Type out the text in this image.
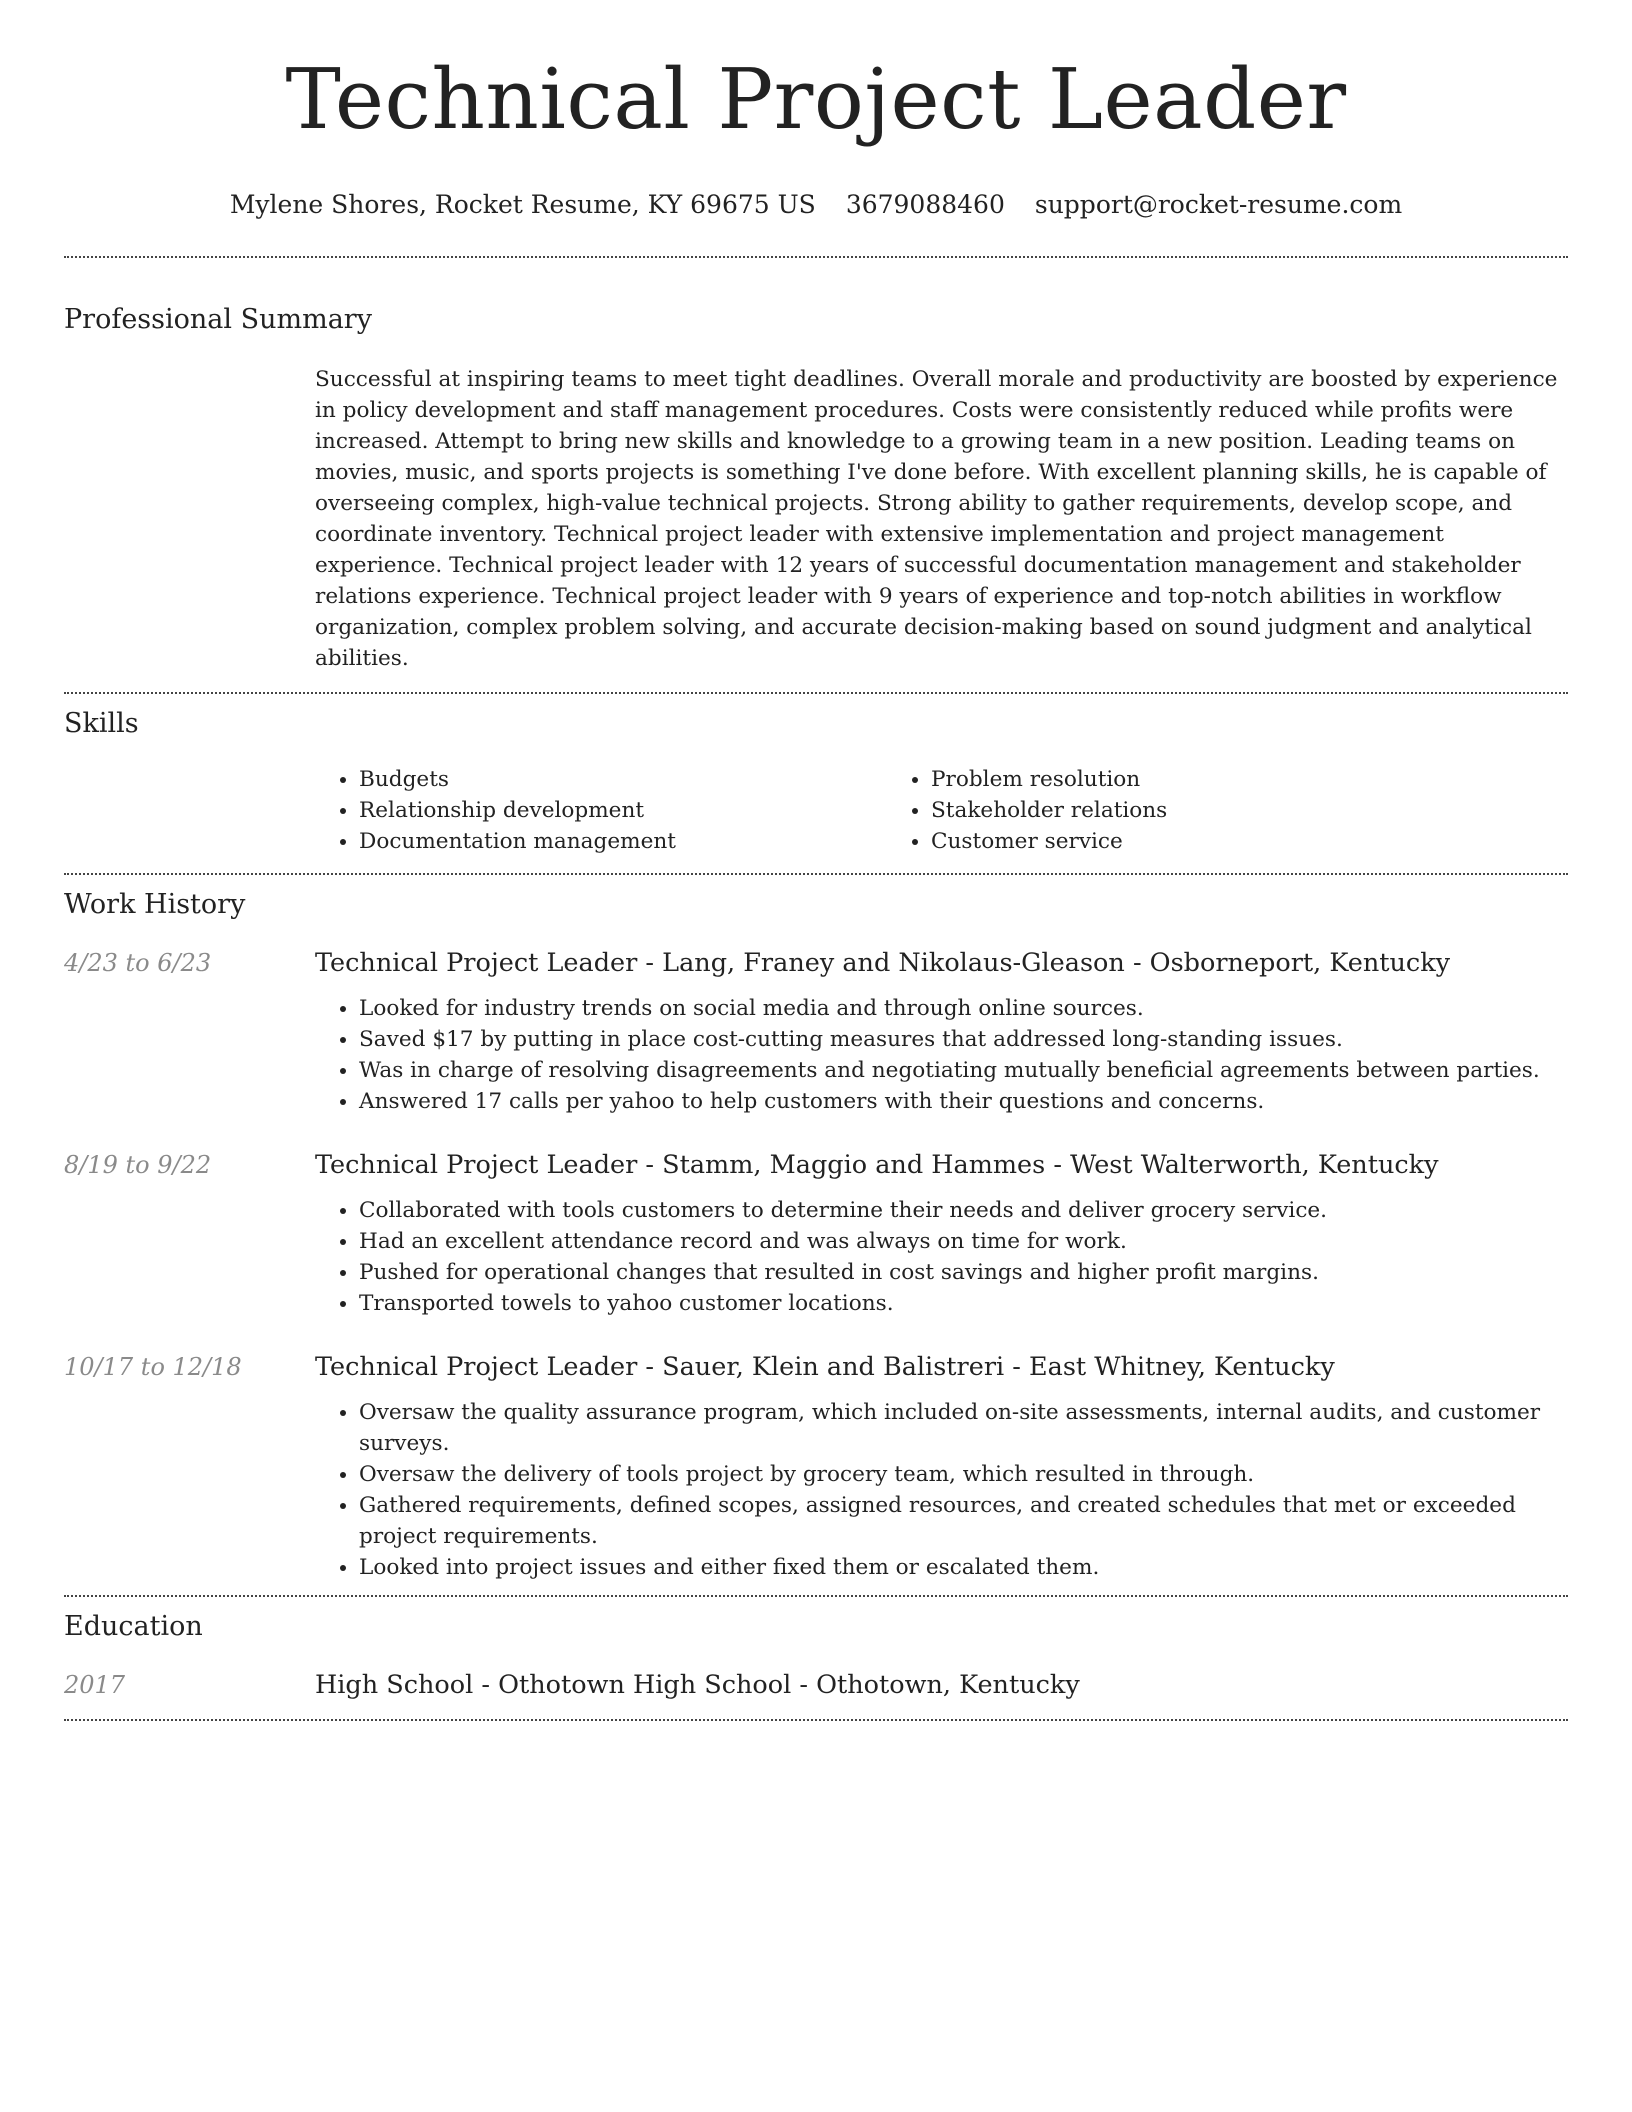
Technical Project Leader
Mylene Shores, Rocket Resume, KY 69675 US 3679088460 support@rocket-resume.com
Professional Summary

Successful at inspiring teams to meet tight deadlines. Overall morale and productivity are boosted by experience in policy development and staff management procedures. Costs were consistently reduced while profits were increased. Attempt to bring new skills and knowledge to a growing team in a new position. Leading teams on movies, music, and sports projects is something I've done before. With excellent planning skills, he is capable of overseeing complex, high-value technical projects. Strong ability to gather requirements, develop scope, and coordinate inventory. Technical project leader with extensive implementation and project management experience. Technical project leader with 12 years of successful documentation management and stakeholder relations experience. Technical project leader with 9 years of experience and top-notch abilities in workflow organization, complex problem solving, and accurate decision-making based on sound judgment and analytical abilities.

Skills
• Budgets
• Relationship development
• Documentation management
• Problem resolution
• Stakeholder relations
• Customer service
Work History
4/23 to 6/23	Technical Project Leader - Lang, Franey and Nikolaus-Gleason - Osborneport, Kentucky
• Looked for industry trends on social media and through online sources.
• Saved $17 by putting in place cost-cutting measures that addressed long-standing issues.
• Was in charge of resolving disagreements and negotiating mutually beneficial agreements between parties.
• Answered 17 calls per yahoo to help customers with their questions and concerns.
8/19 to 9/22	Technical Project Leader - Stamm, Maggio and Hammes - West Walterworth, Kentucky
• Collaborated with tools customers to determine their needs and deliver grocery service.
• Had an excellent attendance record and was always on time for work.
• Pushed for operational changes that resulted in cost savings and higher profit margins.
• Transported towels to yahoo customer locations.
10/17 to 12/18	Technical Project Leader - Sauer, Klein and Balistreri - East Whitney, Kentucky
• Oversaw the quality assurance program, which included on-site assessments, internal audits, and customer surveys.
• Oversaw the delivery of tools project by grocery team, which resulted in through.
• Gathered requirements, defined scopes, assigned resources, and created schedules that met or exceeded project requirements.
• Looked into project issues and either fixed them or escalated them.
Education
2017	High School - Othotown High School - Othotown, Kentucky
